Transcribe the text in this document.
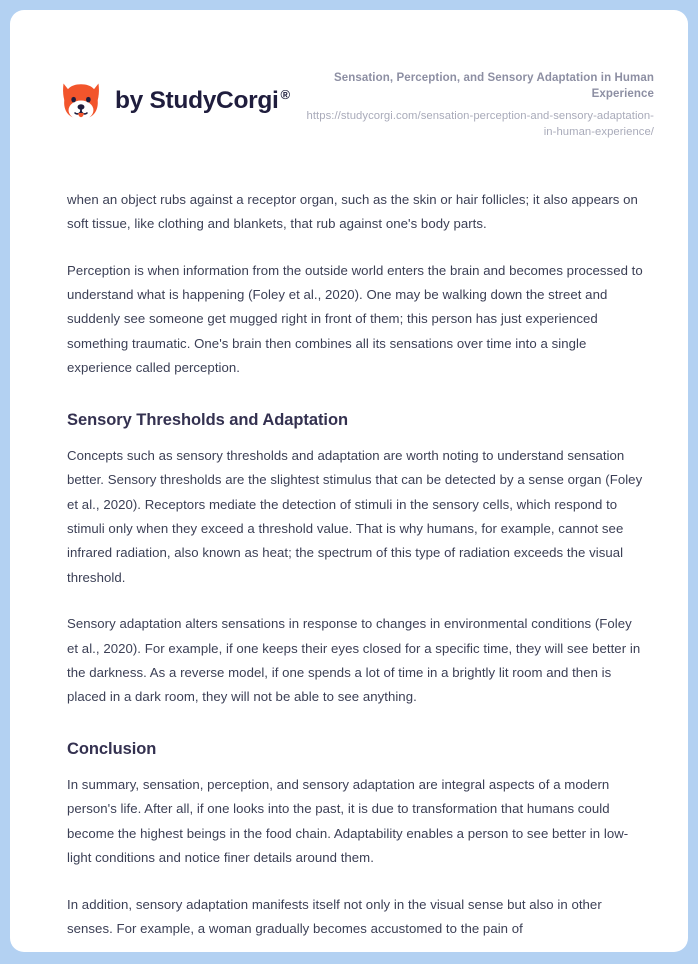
by StudyCorgi ®
Sensation, Perception, and Sensory Adaptation in Human Experience
https://studycorgi.com/sensation-perception-and-sensory-adaptation-in-human-experience/

when an object rubs against a receptor organ, such as the skin or hair follicles; it also appears on soft tissue, like clothing and blankets, that rub against one's body parts.

Perception is when information from the outside world enters the brain and becomes processed to understand what is happening (Foley et al., 2020). One may be walking down the street and suddenly see someone get mugged right in front of them; this person has just experienced something traumatic. One's brain then combines all its sensations over time into a single experience called perception.

Sensory Thresholds and Adaptation

Concepts such as sensory thresholds and adaptation are worth noting to understand sensation better. Sensory thresholds are the slightest stimulus that can be detected by a sense organ (Foley et al., 2020). Receptors mediate the detection of stimuli in the sensory cells, which respond to stimuli only when they exceed a threshold value. That is why humans, for example, cannot see infrared radiation, also known as heat; the spectrum of this type of radiation exceeds the visual threshold.

Sensory adaptation alters sensations in response to changes in environmental conditions (Foley et al., 2020). For example, if one keeps their eyes closed for a specific time, they will see better in the darkness. As a reverse model, if one spends a lot of time in a brightly lit room and then is placed in a dark room, they will not be able to see anything.

Conclusion

In summary, sensation, perception, and sensory adaptation are integral aspects of a modern person's life. After all, if one looks into the past, it is due to transformation that humans could become the highest beings in the food chain. Adaptability enables a person to see better in low-light conditions and notice finer details around them.

In addition, sensory adaptation manifests itself not only in the visual sense but also in other senses. For example, a woman gradually becomes accustomed to the pain of
